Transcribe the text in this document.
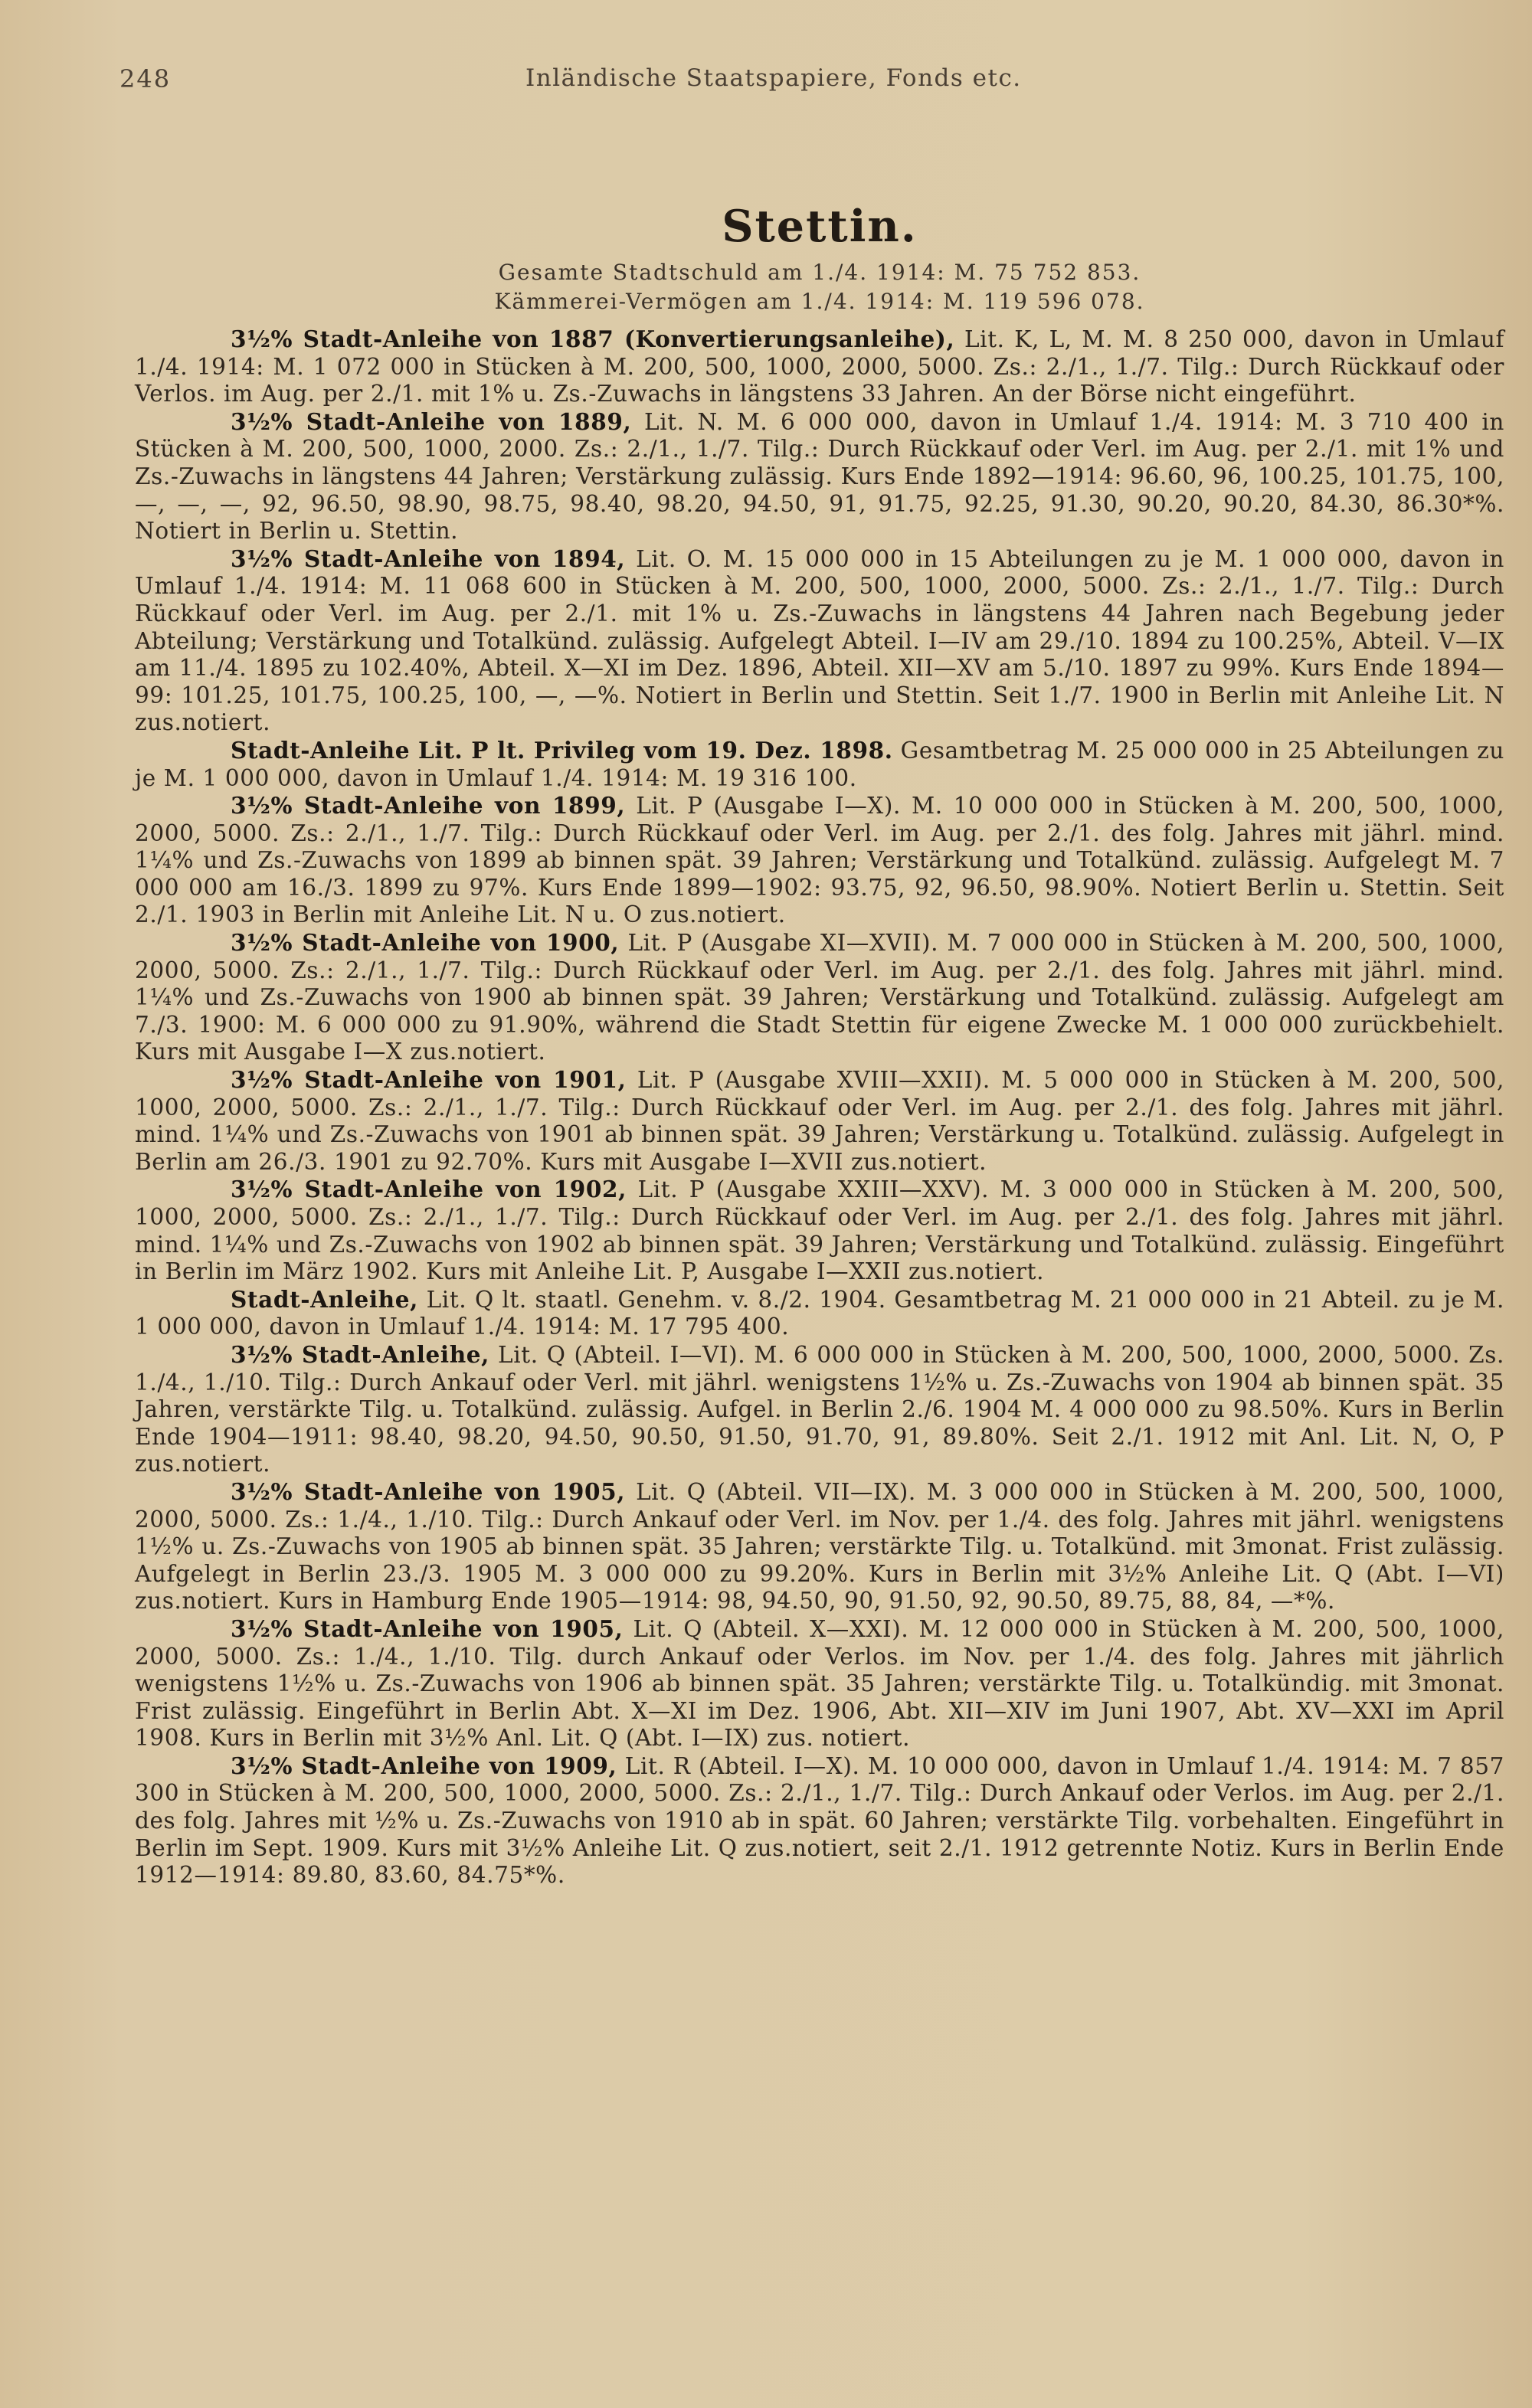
248	Inländische Staatspapiere, Fonds etc.
Stettin.

Gesamte Stadtschuld am 1./4. 1914: M. 75 752 853.

Kämmerei-Vermögen am 1./4. 1914: M. 119 596 078.

3½% Stadt-Anleihe von 1887 (Konvertierungsanleihe), Lit. K, L, M. M. 8 250 000, davon in Umlauf 1./4. 1914: M. 1 072 000 in Stücken à M. 200, 500, 1000, 2000, 5000. Zs.: 2./1., 1./7. Tilg.: Durch Rückkauf oder Verlos. im Aug. per 2./1. mit 1% u. Zs.-Zuwachs in längstens 33 Jahren. An der Börse nicht eingeführt.

3½% Stadt-Anleihe von 1889, Lit. N. M. 6 000 000, davon in Umlauf 1./4. 1914: M. 3 710 400 in Stücken à M. 200, 500, 1000, 2000. Zs.: 2./1., 1./7. Tilg.: Durch Rückkauf oder Verl. im Aug. per 2./1. mit 1% und Zs.-Zuwachs in längstens 44 Jahren; Verstärkung zulässig. Kurs Ende 1892—1914: 96.60, 96, 100.25, 101.75, 100, —, —, —, 92, 96.50, 98.90, 98.75, 98.40, 98.20, 94.50, 91, 91.75, 92.25, 91.30, 90.20, 90.20, 84.30, 86.30*%. Notiert in Berlin u. Stettin.

3½% Stadt-Anleihe von 1894, Lit. O. M. 15 000 000 in 15 Abteilungen zu je M. 1 000 000, davon in Umlauf 1./4. 1914: M. 11 068 600 in Stücken à M. 200, 500, 1000, 2000, 5000. Zs.: 2./1., 1./7. Tilg.: Durch Rückkauf oder Verl. im Aug. per 2./1. mit 1% u. Zs.-Zuwachs in längstens 44 Jahren nach Begebung jeder Abteilung; Verstärkung und Totalkünd. zulässig. Aufgelegt Abteil. I—IV am 29./10. 1894 zu 100.25%, Abteil. V—IX am 11./4. 1895 zu 102.40%, Abteil. X—XI im Dez. 1896, Abteil. XII—XV am 5./10. 1897 zu 99%. Kurs Ende 1894—99: 101.25, 101.75, 100.25, 100, —, —%. Notiert in Berlin und Stettin. Seit 1./7. 1900 in Berlin mit Anleihe Lit. N zus.notiert.

Stadt-Anleihe Lit. P lt. Privileg vom 19. Dez. 1898. Gesamtbetrag M. 25 000 000 in 25 Abteilungen zu je M. 1 000 000, davon in Umlauf 1./4. 1914: M. 19 316 100.

3½% Stadt-Anleihe von 1899, Lit. P (Ausgabe I—X). M. 10 000 000 in Stücken à M. 200, 500, 1000, 2000, 5000. Zs.: 2./1., 1./7. Tilg.: Durch Rückkauf oder Verl. im Aug. per 2./1. des folg. Jahres mit jährl. mind. 1¼% und Zs.-Zuwachs von 1899 ab binnen spät. 39 Jahren; Verstärkung und Totalkünd. zulässig. Aufgelegt M. 7 000 000 am 16./3. 1899 zu 97%. Kurs Ende 1899—1902: 93.75, 92, 96.50, 98.90%. Notiert Berlin u. Stettin. Seit 2./1. 1903 in Berlin mit Anleihe Lit. N u. O zus.notiert.

3½% Stadt-Anleihe von 1900, Lit. P (Ausgabe XI—XVII). M. 7 000 000 in Stücken à M. 200, 500, 1000, 2000, 5000. Zs.: 2./1., 1./7. Tilg.: Durch Rückkauf oder Verl. im Aug. per 2./1. des folg. Jahres mit jährl. mind. 1¼% und Zs.-Zuwachs von 1900 ab binnen spät. 39 Jahren; Verstärkung und Totalkünd. zulässig. Aufgelegt am 7./3. 1900: M. 6 000 000 zu 91.90%, während die Stadt Stettin für eigene Zwecke M. 1 000 000 zurückbehielt. Kurs mit Ausgabe I—X zus.notiert.

3½% Stadt-Anleihe von 1901, Lit. P (Ausgabe XVIII—XXII). M. 5 000 000 in Stücken à M. 200, 500, 1000, 2000, 5000. Zs.: 2./1., 1./7. Tilg.: Durch Rückkauf oder Verl. im Aug. per 2./1. des folg. Jahres mit jährl. mind. 1¼% und Zs.-Zuwachs von 1901 ab binnen spät. 39 Jahren; Verstärkung u. Totalkünd. zulässig. Aufgelegt in Berlin am 26./3. 1901 zu 92.70%. Kurs mit Ausgabe I—XVII zus.notiert.

3½% Stadt-Anleihe von 1902, Lit. P (Ausgabe XXIII—XXV). M. 3 000 000 in Stücken à M. 200, 500, 1000, 2000, 5000. Zs.: 2./1., 1./7. Tilg.: Durch Rückkauf oder Verl. im Aug. per 2./1. des folg. Jahres mit jährl. mind. 1¼% und Zs.-Zuwachs von 1902 ab binnen spät. 39 Jahren; Verstärkung und Totalkünd. zulässig. Eingeführt in Berlin im März 1902. Kurs mit Anleihe Lit. P, Ausgabe I—XXII zus.notiert.

Stadt-Anleihe, Lit. Q lt. staatl. Genehm. v. 8./2. 1904. Gesamtbetrag M. 21 000 000 in 21 Abteil. zu je M. 1 000 000, davon in Umlauf 1./4. 1914: M. 17 795 400.

3½% Stadt-Anleihe, Lit. Q (Abteil. I—VI). M. 6 000 000 in Stücken à M. 200, 500, 1000, 2000, 5000. Zs. 1./4., 1./10. Tilg.: Durch Ankauf oder Verl. mit jährl. wenigstens 1½% u. Zs.-Zuwachs von 1904 ab binnen spät. 35 Jahren, verstärkte Tilg. u. Totalkünd. zulässig. Aufgel. in Berlin 2./6. 1904 M. 4 000 000 zu 98.50%. Kurs in Berlin Ende 1904—1911: 98.40, 98.20, 94.50, 90.50, 91.50, 91.70, 91, 89.80%. Seit 2./1. 1912 mit Anl. Lit. N, O, P zus.notiert.

3½% Stadt-Anleihe von 1905, Lit. Q (Abteil. VII—IX). M. 3 000 000 in Stücken à M. 200, 500, 1000, 2000, 5000. Zs.: 1./4., 1./10. Tilg.: Durch Ankauf oder Verl. im Nov. per 1./4. des folg. Jahres mit jährl. wenigstens 1½% u. Zs.-Zuwachs von 1905 ab binnen spät. 35 Jahren; verstärkte Tilg. u. Totalkünd. mit 3monat. Frist zulässig. Aufgelegt in Berlin 23./3. 1905 M. 3 000 000 zu 99.20%. Kurs in Berlin mit 3½% Anleihe Lit. Q (Abt. I—VI) zus.notiert. Kurs in Hamburg Ende 1905—1914: 98, 94.50, 90, 91.50, 92, 90.50, 89.75, 88, 84, —*%.

3½% Stadt-Anleihe von 1905, Lit. Q (Abteil. X—XXI). M. 12 000 000 in Stücken à M. 200, 500, 1000, 2000, 5000. Zs.: 1./4., 1./10. Tilg. durch Ankauf oder Verlos. im Nov. per 1./4. des folg. Jahres mit jährlich wenigstens 1½% u. Zs.-Zuwachs von 1906 ab binnen spät. 35 Jahren; verstärkte Tilg. u. Totalkündig. mit 3monat. Frist zulässig. Eingeführt in Berlin Abt. X—XI im Dez. 1906, Abt. XII—XIV im Juni 1907, Abt. XV—XXI im April 1908. Kurs in Berlin mit 3½% Anl. Lit. Q (Abt. I—IX) zus. notiert.

3½% Stadt-Anleihe von 1909, Lit. R (Abteil. I—X). M. 10 000 000, davon in Umlauf 1./4. 1914: M. 7 857 300 in Stücken à M. 200, 500, 1000, 2000, 5000. Zs.: 2./1., 1./7. Tilg.: Durch Ankauf oder Verlos. im Aug. per 2./1. des folg. Jahres mit ½% u. Zs.-Zuwachs von 1910 ab in spät. 60 Jahren; verstärkte Tilg. vorbehalten. Eingeführt in Berlin im Sept. 1909. Kurs mit 3½% Anleihe Lit. Q zus.notiert, seit 2./1. 1912 getrennte Notiz. Kurs in Berlin Ende 1912—1914: 89.80, 83.60, 84.75*%.
